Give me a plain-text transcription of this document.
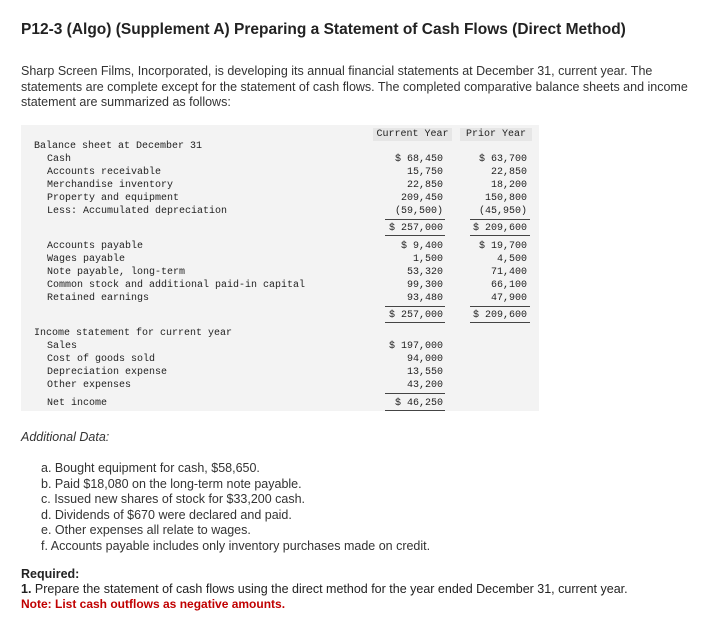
P12-3 (Algo) (Supplement A) Preparing a Statement of Cash Flows (Direct Method)
Sharp Screen Films, Incorporated, is developing its annual financial statements at December 31, current year. The statements are complete except for the statement of cash flows. The completed comparative balance sheets and income statement are summarized as follows:
Current Year	Prior Year
Balance sheet at December 31
Cash	$ 68,450	$ 63,700
Accounts receivable	15,750	22,850
Merchandise inventory	22,850	18,200
Property and equipment	209,450	150,800
Less: Accumulated depreciation	(59,500)	(45,950)
$ 257,000	$ 209,600
Accounts payable	$ 9,400	$ 19,700
Wages payable	1,500	4,500
Note payable, long-term	53,320	71,400
Common stock and additional paid-in capital	99,300	66,100
Retained earnings	93,480	47,900
$ 257,000	$ 209,600
Income statement for current year
Sales	$ 197,000
Cost of goods sold	94,000
Depreciation expense	13,550
Other expenses	43,200
Net income	$ 46,250
Additional Data:
a. Bought equipment for cash, $58,650.
b. Paid $18,080 on the long-term note payable.
c. Issued new shares of stock for $33,200 cash.
d. Dividends of $670 were declared and paid.
e. Other expenses all relate to wages.
f. Accounts payable includes only inventory purchases made on credit.
Required:
1. Prepare the statement of cash flows using the direct method for the year ended December 31, current year.
Note: List cash outflows as negative amounts.
